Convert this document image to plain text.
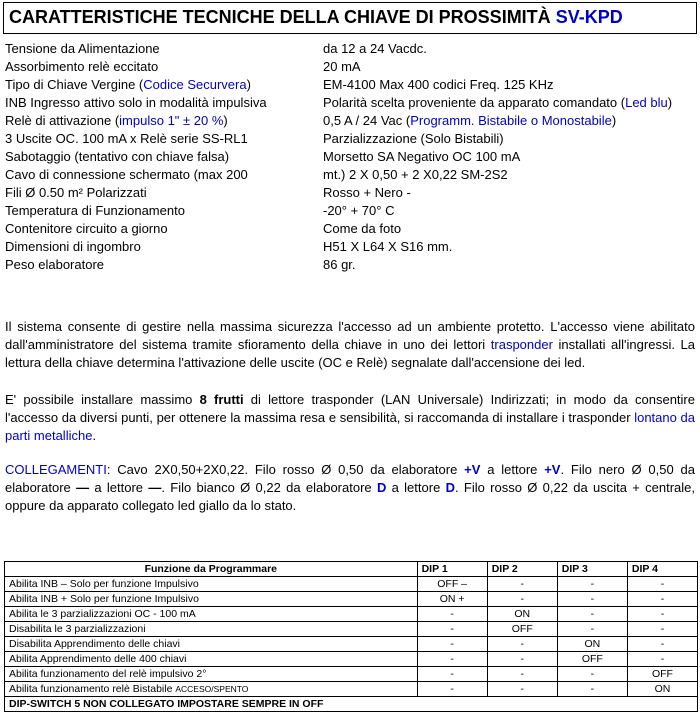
CARATTERISTICHE TECNICHE DELLA CHIAVE DI PROSSIMITÀ SV-KPD
Tensione da Alimentazione	da 12 a 24 Vacdc.
Assorbimento relè eccitato	20 mA
Tipo di Chiave Vergine (Codice Securvera)	EM-4100 Max 400 codici Freq. 125 KHz
INB Ingresso attivo solo in modalità impulsiva	Polarità scelta proveniente da apparato comandato (Led blu)
Relè di attivazione (impulso 1" ± 20 %)	0,5 A / 24 Vac (Programm. Bistabile o Monostabile)
3 Uscite OC. 100 mA x Relè serie SS-RL1	Parzializzazione (Solo Bistabili)
Sabotaggio (tentativo con chiave falsa)	Morsetto SA Negativo OC 100 mA
Cavo di connessione schermato (max 200	mt.) 2 X 0,50 + 2 X0,22 SM-2S2
Fili Ø 0.50 m² Polarizzati	Rosso + Nero -
Temperatura di Funzionamento	-20° + 70° C
Contenitore circuito a giorno	Come da foto
Dimensioni di ingombro	H51 X L64 X S16 mm.
Peso elaboratore	86 gr.
Il sistema consente di gestire nella massima sicurezza l'accesso ad un ambiente protetto. L'accesso viene abilitato dall'amministratore del sistema tramite sfioramento della chiave in uno dei lettori trasponder installati all'ingressi. La lettura della chiave determina l'attivazione delle uscite (OC e Relè) segnalate dall'accensione dei led.
E' possibile installare massimo 8 frutti di lettore trasponder (LAN Universale) Indirizzati; in modo da consentire l'accesso da diversi punti, per ottenere la massima resa e sensibilità, si raccomanda di installare i trasponder lontano da parti metalliche.
COLLEGAMENTI: Cavo 2X0,50+2X0,22. Filo rosso Ø 0,50 da elaboratore +V a lettore +V. Filo nero Ø 0,50 da elaboratore — a lettore —. Filo bianco Ø 0,22 da elaboratore D a lettore D. Filo rosso Ø 0,22 da uscita + centrale, oppure da apparato collegato led giallo da lo stato.
Funzione da Programmare	DIP 1	DIP 2	DIP 3	DIP 4
Abilita INB – Solo per funzione Impulsivo	OFF –	-	-	-
Abilita INB + Solo per funzione Impulsivo	ON +	-	-	-
Abilita le 3 parzializzazioni OC - 100 mA	-	ON	-	-
Disabilita le 3 parzializzazioni	-	OFF	-	-
Disabilita Apprendimento delle chiavi	-	-	ON	-
Abilita Apprendimento delle 400 chiavi	-	-	OFF	-
Abilita funzionamento del relè impulsivo 2°	-	-	-	OFF
Abilita funzionamento relè Bistabile ACCESO/SPENTO	-	-	-	ON
DIP-SWITCH 5 NON COLLEGATO IMPOSTARE SEMPRE IN OFF				
